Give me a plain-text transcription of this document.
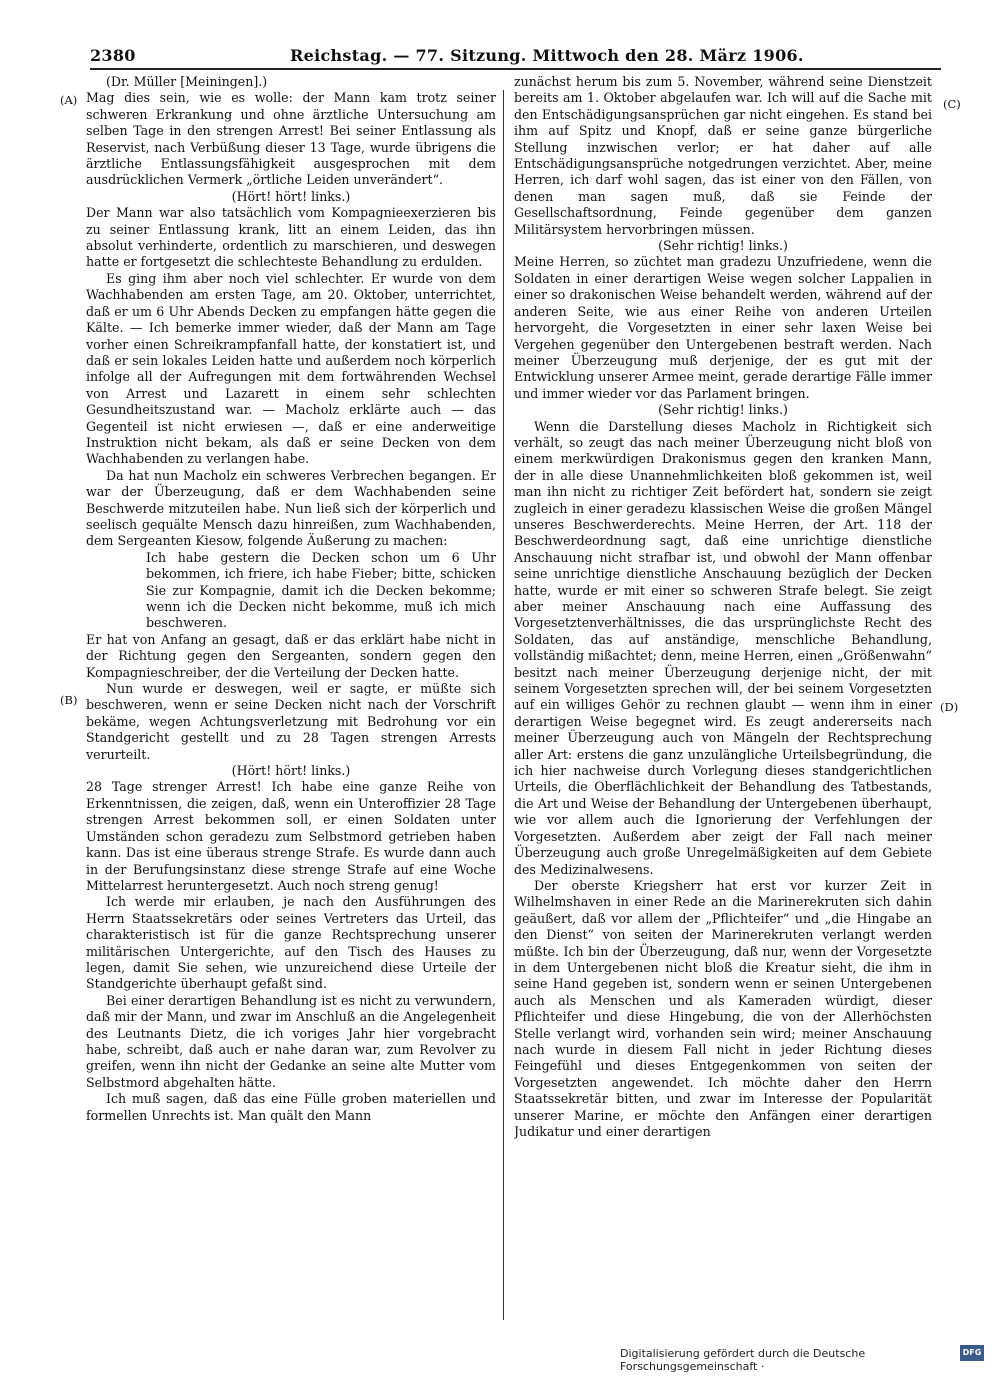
2380	Reichstag. — 77. Sitzung. Mittwoch den 28. März 1906.
(A)
(B)
(C)
(D)

(Dr. Müller [Meiningen].)

Mag dies sein, wie es wolle: der Mann kam trotz seiner schweren Erkrankung und ohne ärztliche Untersuchung am selben Tage in den strengen Arrest! Bei seiner Entlassung als Reservist, nach Verbüßung dieser 13 Tage, wurde übrigens die ärztliche Entlassungsfähigkeit ausgesprochen mit dem ausdrücklichen Vermerk „örtliche Leiden unverändert“.

(Hört! hört! links.)

Der Mann war also tatsächlich vom Kompagnieexerzieren bis zu seiner Entlassung krank, litt an einem Leiden, das ihn absolut verhinderte, ordentlich zu marschieren, und deswegen hatte er fortgesetzt die schlechteste Behandlung zu erdulden.

Es ging ihm aber noch viel schlechter. Er wurde von dem Wachhabenden am ersten Tage, am 20. Oktober, unterrichtet, daß er um 6 Uhr Abends Decken zu empfangen hätte gegen die Kälte. — Ich bemerke immer wieder, daß der Mann am Tage vorher einen Schreikrampfanfall hatte, der konstatiert ist, und daß er sein lokales Leiden hatte und außerdem noch körperlich infolge all der Aufregungen mit dem fortwährenden Wechsel von Arrest und Lazarett in einem sehr schlechten Gesundheitszustand war. — Macholz erklärte auch — das Gegenteil ist nicht erwiesen —, daß er eine anderweitige Instruktion nicht bekam, als daß er seine Decken von dem Wachhabenden zu verlangen habe.

Da hat nun Macholz ein schweres Verbrechen begangen. Er war der Überzeugung, daß er dem Wachhabenden seine Beschwerde mitzuteilen habe. Nun ließ sich der körperlich und seelisch gequälte Mensch dazu hinreißen, zum Wachhabenden, dem Sergeanten Kiesow, folgende Äußerung zu machen:

Ich habe gestern die Decken schon um 6 Uhr bekommen, ich friere, ich habe Fieber; bitte, schicken Sie zur Kompagnie, damit ich die Decken bekomme; wenn ich die Decken nicht bekomme, muß ich mich beschweren.

Er hat von Anfang an gesagt, daß er das erklärt habe nicht in der Richtung gegen den Sergeanten, sondern gegen den Kompagnieschreiber, der die Verteilung der Decken hatte.

Nun wurde er deswegen, weil er sagte, er müßte sich beschweren, wenn er seine Decken nicht nach der Vorschrift bekäme, wegen Achtungsverletzung mit Bedrohung vor ein Standgericht gestellt und zu 28 Tagen strengen Arrests verurteilt.

(Hört! hört! links.)

28 Tage strenger Arrest! Ich habe eine ganze Reihe von Erkenntnissen, die zeigen, daß, wenn ein Unteroffizier 28 Tage strengen Arrest bekommen soll, er einen Soldaten unter Umständen schon geradezu zum Selbstmord getrieben haben kann. Das ist eine überaus strenge Strafe. Es wurde dann auch in der Berufungsinstanz diese strenge Strafe auf eine Woche Mittelarrest heruntergesetzt. Auch noch streng genug!

Ich werde mir erlauben, je nach den Ausführungen des Herrn Staatssekretärs oder seines Vertreters das Urteil, das charakteristisch ist für die ganze Rechtsprechung unserer militärischen Untergerichte, auf den Tisch des Hauses zu legen, damit Sie sehen, wie unzureichend diese Urteile der Standgerichte überhaupt gefaßt sind.

Bei einer derartigen Behandlung ist es nicht zu verwundern, daß mir der Mann, und zwar im Anschluß an die Angelegenheit des Leutnants Dietz, die ich voriges Jahr hier vorgebracht habe, schreibt, daß auch er nahe daran war, zum Revolver zu greifen, wenn ihn nicht der Gedanke an seine alte Mutter vom Selbstmord abgehalten hätte.

Ich muß sagen, daß das eine Fülle groben materiellen und formellen Unrechts ist. Man quält den Mann

zunächst herum bis zum 5. November, während seine Dienstzeit bereits am 1. Oktober abgelaufen war. Ich will auf die Sache mit den Entschädigungsansprüchen gar nicht eingehen. Es stand bei ihm auf Spitz und Knopf, daß er seine ganze bürgerliche Stellung inzwischen verlor; er hat daher auf alle Entschädigungsansprüche notgedrungen verzichtet. Aber, meine Herren, ich darf wohl sagen, das ist einer von den Fällen, von denen man sagen muß, daß sie Feinde der Gesellschaftsordnung, Feinde gegenüber dem ganzen Militärsystem hervorbringen müssen.

(Sehr richtig! links.)

Meine Herren, so züchtet man gradezu Unzufriedene, wenn die Soldaten in einer derartigen Weise wegen solcher Lappalien in einer so drakonischen Weise behandelt werden, während auf der anderen Seite, wie aus einer Reihe von anderen Urteilen hervorgeht, die Vorgesetzten in einer sehr laxen Weise bei Vergehen gegenüber den Untergebenen bestraft werden. Nach meiner Überzeugung muß derjenige, der es gut mit der Entwicklung unserer Armee meint, gerade derartige Fälle immer und immer wieder vor das Parlament bringen.

(Sehr richtig! links.)

Wenn die Darstellung dieses Macholz in Richtigkeit sich verhält, so zeugt das nach meiner Überzeugung nicht bloß von einem merkwürdigen Drakonismus gegen den kranken Mann, der in alle diese Unannehmlichkeiten bloß gekommen ist, weil man ihn nicht zu richtiger Zeit befördert hat, sondern sie zeigt zugleich in einer geradezu klassischen Weise die großen Mängel unseres Beschwerderechts. Meine Herren, der Art. 118 der Beschwerdeordnung sagt, daß eine unrichtige dienstliche Anschauung nicht strafbar ist, und obwohl der Mann offenbar seine unrichtige dienstliche Anschauung bezüglich der Decken hatte, wurde er mit einer so schweren Strafe belegt. Sie zeigt aber meiner Anschauung nach eine Auffassung des Vorgesetztenverhältnisses, die das ursprünglichste Recht des Soldaten, das auf anständige, menschliche Behandlung, vollständig mißachtet; denn, meine Herren, einen „Größenwahn“ besitzt nach meiner Überzeugung derjenige nicht, der mit seinem Vorgesetzten sprechen will, der bei seinem Vorgesetzten auf ein williges Gehör zu rechnen glaubt — wenn ihm in einer derartigen Weise begegnet wird. Es zeugt andererseits nach meiner Überzeugung auch von Mängeln der Rechtsprechung aller Art: erstens die ganz unzulängliche Urteilsbegründung, die ich hier nachweise durch Vorlegung dieses standgerichtlichen Urteils, die Oberflächlichkeit der Behandlung des Tatbestands, die Art und Weise der Behandlung der Untergebenen überhaupt, wie vor allem auch die Ignorierung der Verfehlungen der Vorgesetzten. Außerdem aber zeigt der Fall nach meiner Überzeugung auch große Unregelmäßigkeiten auf dem Gebiete des Medizinalwesens.

Der oberste Kriegsherr hat erst vor kurzer Zeit in Wilhelmshaven in einer Rede an die Marinerekruten sich dahin geäußert, daß vor allem der „Pflichteifer“ und „die Hingabe an den Dienst“ von seiten der Marinerekruten verlangt werden müßte. Ich bin der Überzeugung, daß nur, wenn der Vorgesetzte in dem Untergebenen nicht bloß die Kreatur sieht, die ihm in seine Hand gegeben ist, sondern wenn er seinen Untergebenen auch als Menschen und als Kameraden würdigt, dieser Pflichteifer und diese Hingebung, die von der Allerhöchsten Stelle verlangt wird, vorhanden sein wird; meiner Anschauung nach wurde in diesem Fall nicht in jeder Richtung dieses Feingefühl und dieses Entgegenkommen von seiten der Vorgesetzten angewendet. Ich möchte daher den Herrn Staatssekretär bitten, und zwar im Interesse der Popularität unserer Marine, er möchte den Anfängen einer derartigen Judikatur und einer derartigen

Digitalisierung gefördert durch die Deutsche Forschungsgemeinschaft ·
DFG
